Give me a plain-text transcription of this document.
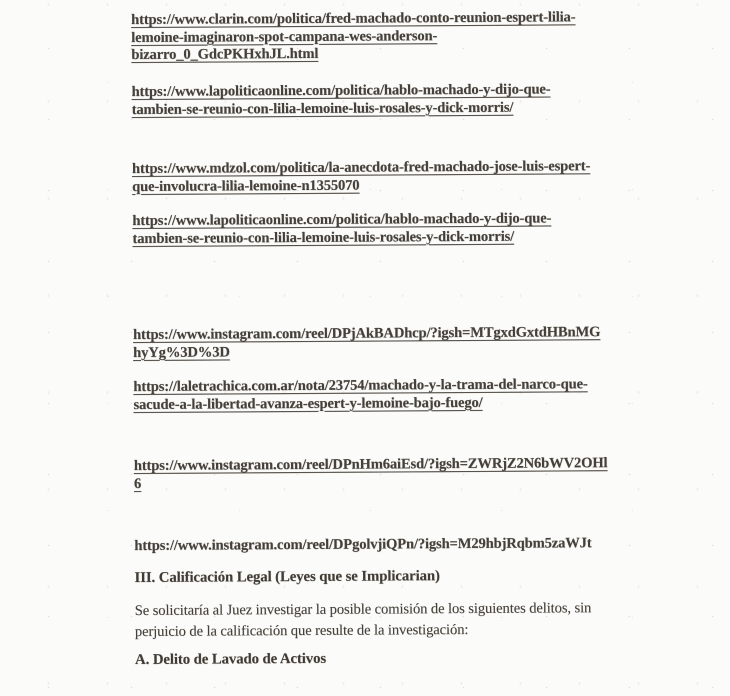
https://www.clarin.com/politica/fred-machado-conto-reunion-espert-lilia-
lemoine-imaginaron-spot-campana-wes-anderson-
bizarro_0_GdcPKHxhJL.html
https://www.lapoliticaonline.com/politica/hablo-machado-y-dijo-que-
tambien-se-reunio-con-lilia-lemoine-luis-rosales-y-dick-morris/
https://www.mdzol.com/politica/la-anecdota-fred-machado-jose-luis-espert-
que-involucra-lilia-lemoine-n1355070
https://www.lapoliticaonline.com/politica/hablo-machado-y-dijo-que-
tambien-se-reunio-con-lilia-lemoine-luis-rosales-y-dick-morris/
https://www.instagram.com/reel/DPjAkBADhcp/?igsh=MTgxdGxtdHBnMG
hyYg%3D%3D
https://laletrachica.com.ar/nota/23754/machado-y-la-trama-del-narco-que-
sacude-a-la-libertad-avanza-espert-y-lemoine-bajo-fuego/
https://www.instagram.com/reel/DPnHm6aiEsd/?igsh=ZWRjZ2N6bWV2OHl
6
https://www.instagram.com/reel/DPgolvjiQPn/?igsh=M29hbjRqbm5zaWJt
III. Calificación Legal (Leyes que se Implicarian)

Se solicitaría al Juez investigar la posible comisión de los siguientes delitos, sin
perjuicio de la calificación que resulte de la investigación:

A. Delito de Lavado de Activos
